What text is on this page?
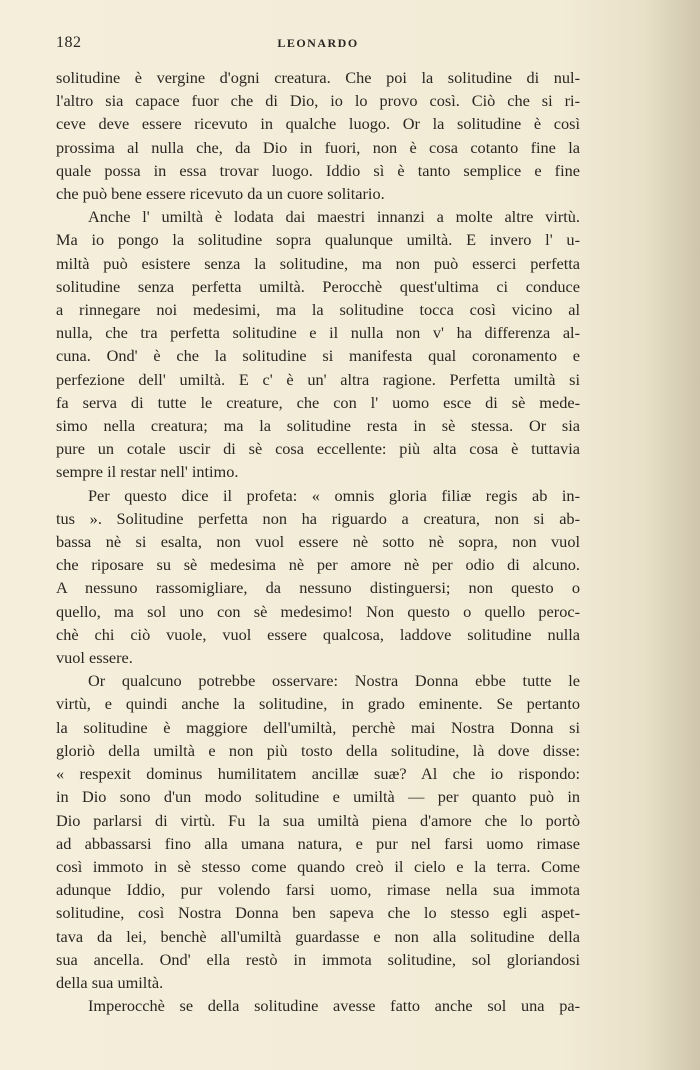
182	LEONARDO
solitudine è vergine d'ogni creatura. Che poi la solitudine di nul-
l'altro sia capace fuor che di Dio, io lo provo così. Ciò che si ri-
ceve deve essere ricevuto in qualche luogo. Or la solitudine è così
prossima al nulla che, da Dio in fuori, non è cosa cotanto fine la
quale possa in essa trovar luogo. Iddio sì è tanto semplice e fine
che può bene essere ricevuto da un cuore solitario.
Anche l' umiltà è lodata dai maestri innanzi a molte altre virtù.
Ma io pongo la solitudine sopra qualunque umiltà. E invero l' u-
miltà può esistere senza la solitudine, ma non può esserci perfetta
solitudine senza perfetta umiltà. Perocchè quest'ultima ci conduce
a rinnegare noi medesimi, ma la solitudine tocca così vicino al
nulla, che tra perfetta solitudine e il nulla non v' ha differenza al-
cuna. Ond' è che la solitudine si manifesta qual coronamento e
perfezione dell' umiltà. E c' è un' altra ragione. Perfetta umiltà si
fa serva di tutte le creature, che con l' uomo esce di sè mede-
simo nella creatura; ma la solitudine resta in sè stessa. Or sia
pure un cotale uscir di sè cosa eccellente: più alta cosa è tuttavia
sempre il restar nell' intimo.
Per questo dice il profeta: « omnis gloria filiæ regis ab in-
tus ». Solitudine perfetta non ha riguardo a creatura, non si ab-
bassa nè si esalta, non vuol essere nè sotto nè sopra, non vuol
che riposare su sè medesima nè per amore nè per odio di alcuno.
A nessuno rassomigliare, da nessuno distinguersi; non questo o
quello, ma sol uno con sè medesimo! Non questo o quello peroc-
chè chi ciò vuole, vuol essere qualcosa, laddove solitudine nulla
vuol essere.
Or qualcuno potrebbe osservare: Nostra Donna ebbe tutte le
virtù, e quindi anche la solitudine, in grado eminente. Se pertanto
la solitudine è maggiore dell'umiltà, perchè mai Nostra Donna si
gloriò della umiltà e non più tosto della solitudine, là dove disse:
« respexit dominus humilitatem ancillæ suæ? Al che io rispondo:
in Dio sono d'un modo solitudine e umiltà — per quanto può in
Dio parlarsi di virtù. Fu la sua umiltà piena d'amore che lo portò
ad abbassarsi fino alla umana natura, e pur nel farsi uomo rimase
così immoto in sè stesso come quando creò il cielo e la terra. Come
adunque Iddio, pur volendo farsi uomo, rimase nella sua immota
solitudine, così Nostra Donna ben sapeva che lo stesso egli aspet-
tava da lei, benchè all'umiltà guardasse e non alla solitudine della
sua ancella. Ond' ella restò in immota solitudine, sol gloriandosi
della sua umiltà.
Imperocchè se della solitudine avesse fatto anche sol una pa-
